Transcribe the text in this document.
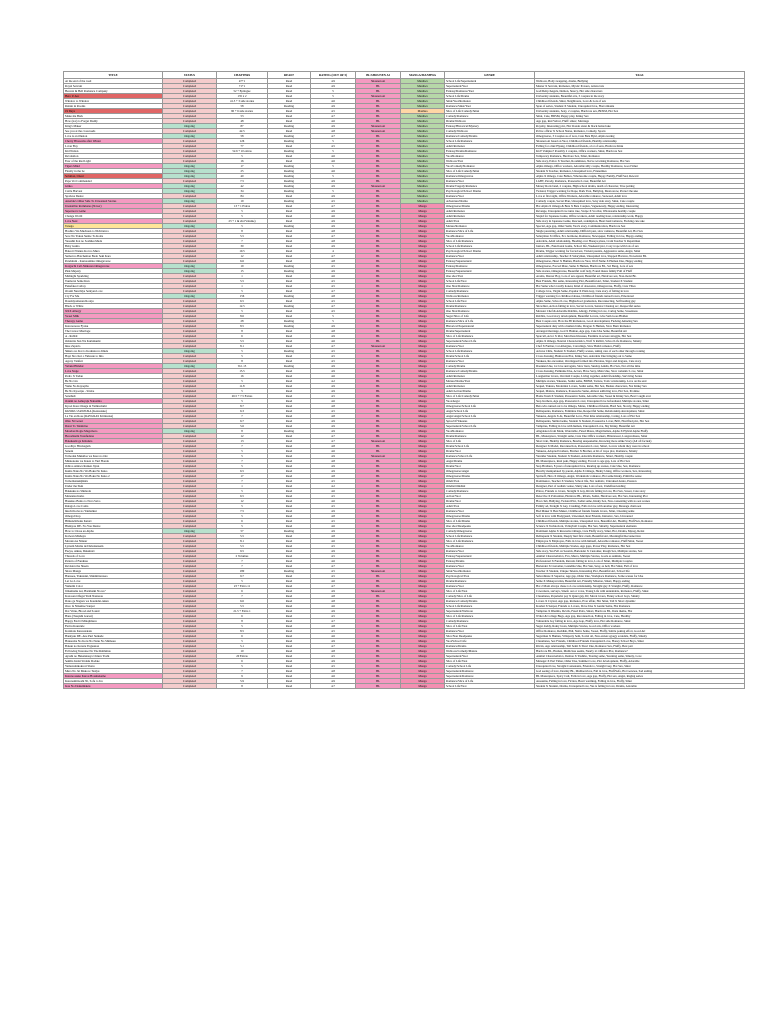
TITLE	STATUS	CHAPTERS	READ?	RATING (OUT OF 5)	BL/SHOUNEN AI	MANGA/MANHWA	GENRE	TAGS
At the end of the road	Completed	47+1	Read	4.9	Shounen Ai	Manhwa	School Life/Supernatural	Webtoon, Body swapping, drama, Bullying
Royal Servant	Completed	71+1	Read	4.9	BL	Manhwa	Supernatural/Yaoi	Master X Servant, Romance, Mystic Powers, Aristocrats
Heaven & Hell Romance Company	Completed	52 + Epilogue	Read	5	BL	Manhwa	Fantasy/Romance/Yaoi	God/Deity/Angels, Demon, Snarcy, Hot side characters
Hero U Are	Completed	135 x 2	Read	5	Shounen Ai	Manhwa	School Life/Drama	University students, Beautiful arts, 3 couples in the story
Window to Window	Completed	41.5 + 3 side stories	Read	4.6	BL	Manhwa	Smut/Yaoi/Romance	Childhood friends, Smut, Neighbours, Love & Lots of sex
Rainin in Rooms	Completed	58	Reading	4.9	BL	Manhwa	Romance/Smut/Yaoi	Span of series, Student X Student, Unrequited love, Horrormania
19 Days	Completed	90 + 6 side stories	Read	4.5	BL	Manhua	Slice of Life/Comedy/Smut	University students, Sexy, 2 couples, Hardcore sex, BDSM, Hot Sex
Make me Bark	Completed	53	Read	4.7	BL	Manhwa	Comedy/Romance	Smut, Cute, BDSM, Puppy play, Kinky Sex
How (not) to Forget Daddy	Completed	48	Read	4.6	BL	Manhwa	Drama/Webtoon	Age gap, Red Velvet, Fluff/ smut/, Marriage
King's Maker	Ongoing	87	Reading	4.9	Shounen Ai	Manhwa	Fantasy/Historical/Mystery	Royalty, Interesting plot, Hot blonde sister & black haired uke
See you at the crossroads	Completed	42.5	Read	4.8	Shounen Ai	Manhwa	Comedy/Webtoon	Police officer X School Nurse, Romance, Comedy, Sports
Love is an illusion	Ongoing	58	Reading	4.7	BL	Manhwa	Romance/Comedy/Drama	Omegaverse, 3 Couples as of now, Cute Beta Byul, Alpha tearing
Cherry Blossoms after Winter	Completed	126	Reading	5	BL	Manhwa	School Life/Romance	Shounen Ai based on Yaoi, Childhood friends, Healthy relationship
Lover Boy	Completed	77	Read	4.5	BL	Manhwa	Adult/Romance	Falling for older Hyung, Childhood friends, a lot of sexs, Hardcore Kink
Kid Nation	Completed	52.6 + 10 extras	Reading	5	BL	Manhwa	Fantasy/Drama/Romance	Kid? Vampire? Possibly 2 couples, Office workers, Smut, Hardcore Sex
Revolution	Completed	5	Read	4.6	BL	Manhwa	Yaoi/Romance	Temporary Romance, Hardcore Sex, Smut, Romance
Fear of the Red Light	Completed	16	Read	4.6	BL	Manhwa	Webtoon/Yaoi	Side story, Police X Teacher, Roommates, Nerve wracking Romance, Hot Sex
Tigers Mind	Ongoing	17	Reading	5	BL	Manhwa	Yaoi/Comedy/Romance	Alpha Omega, Office workers, Adorable silly couple, Healthy Romance, Good Smut
Finally in the be	Ongoing	25	Reading	4.6	BL	Manhwa	Slice of Life/Comedy/Smut	Student X Teacher, Romance, Unrequited love, Frienemies
Solution, Cheat	Ongoing	40	Reading	5	BL	Manhwa	Romance/Omegaverse	Alpha X Omega, Cute Babies, Wholesome couple, Happy Family, Fluff/Sad, Reward
Papa Vet Commanded	Completed	7.5	Reading	4.9	BL	Manhwa	Romance/Yaoi	LGBT, Parody, Romance, Possessive Lover, Beautiful Art
Ginko	Ongoing	42	Reading	4.9	Shounen Ai	Manhwa	Drama/Tragedy/Romance	Money Rock band, 2 couples, High school drama, death of character, True pairing
Cattle Harvest	Ongoing	34	Reading	5	BL	Manhwa	Psychological/School Drama	Twisted, Trigger warning for Rape, Dark Yaoi, Bullying, Mean snow, Protect the uke
Spotless Desire	Completed	84	Read	4.9	BL	Manhwa	Romance/Yaoi	Love at first sight, Office Workers, Adorable romance, Seaweed, Adult love
Asterisk's Other Side To Unwanted Stories	Ongoing	19	Reading	4.5	BL	Manhwa	Adventure/Drama	Comedy couple, Secret Plan, Unrequited love, Sexy side story, Smut, Cute couple
Irresistible Rommates (Naver)	Completed	13 + 1 Extras	Read	4.7	BL	Manga	Omegaverse/Drama	Hot Alpha X Omega & Beta X Beta Couples, Vaguenessly, Happy ending, Interesting
Supernova Game	Completed	5	Read	4.9	BL	Manga	Adult/Romance	Revenge, Unrequited love turns true, Swipe X Scorbat, Wholesome healthy couple
Change World	Completed	5	Read	4.6	BL	Manga	Adult/Romance	Stupid for Japanese Game, Office workers, Adult reading hour, relationship work, Happy
Love Nest	Completed	23 + 1 & 2nd Volume)	Read	4.9	BL	Manga	Adult/Yaoi	Side story in Japanese Game, Rescued, redemption, Heart heal/romance, Fucking cute uke
Tanaga	Ongoing	5	Reading	4.9	BL	Manga	Mature/Romance	Special, Age gap, Older Semi, Yaoi's story, Communication, Hardcore Sex
Hoshiro Wa Muchuan to Nichiraiwa	Completed	8	Read	4.8	BL	Manga	Romance/Slice of Life	Single parenting, Adult relationship, Difficult past, slow romance, Beautiful Art, Hot Sex
Sore No Yokan Sunbe To Koiru	Completed	5.5	Read	4.7	BL	Manga	Yaoi/Romance	Salaryman X Office, Eco hormone, Romance, Newspaper, Falling in love, Happy ending
Yasashii Koi no Soshiku Mada	Completed	7	Read	4.8	BL	Manga	Slice of Life/Romance	Adorable, Adult relationship, Heading over Honeys plans, Cram Teacher X Repairman
Baby Guma	Completed	30	Read	4.9	BL	Manga	School Life/Romance	Juniors, BL, Functional Game, School life, Weekend plot, Cozy trope with lots of sex
Boku O Wanna Koi no Mura	Completed	10.5	Read	4	BL	Manga	Psychological/School Drama	Drama, Trigger warning for forced sex, Violent parents, Aggressive seme, Angst, Smut
Sumai no Hatchemon Bedo Seki Kara	Completed	12	Read	4.7	BL	Manga	Romance/Yaoi	Adult relationship, Teacher X Salaryman, Unrequited love, Slapped Horizon, Non-moist BL
Pendulum - Kurusoshika Omegaverse	Completed	6.6	Read	4.8	BL	Manga	Fantasy/Supernatural	Omegaverse, Heart X Human, Hardcore Yaoi, Wolf Name X Human Uke, Happy ending
Koiguchi Cell-Shikaren Omegaverse	Ongoing	19	Reading	4.5	BL	Manga	Fantasy/Romance	Omegaverse, Forced Mate, Seme X Human, Hardcore BL, Sol Bang, Lots of sex
Pink Majesty	Ongoing	15	Reading	4.9	BL	Manga	Fantasy/Supernatural	Side stories, Omegaverse, Beautiful wolf lady, Found mates family Full of Fluff
Midnight Sparkling	Completed	1	Read	4.6	BL	Manga	One shot/Yaoi	Aroma, Dancer Boy, Lots of sex appeal, Beautiful art, Hardcore sex, Non-moist BL
Tsumotai Seme Kun	Completed	5.5	Read	4.5	BL	Manga	School Life/Yaoi	Best Friends, Hot seme, Interesting Plot, Beautiful Art, Smut, Student X Student
Fukufaku Catboy	Completed	1	Read	4.5	BL	Manga	One Shot/Romance	Hot Seme who's totally honest, Kind of obsession, Omegaverse, Fluffy, Cute Vibes
Otoshi Nanchiya Seniyan Love	Completed	5	Read	4.7	BL	Manga	Comedy/Romance	College love, Virgin Seme, Popular X Plain Guy, Cute story of falling in love
Cry For Me	Ongoing	156	Reading	4.8	BL	Manga	Webtoon/Romance	Trigger warning for childhood abuse, Childhood friends turned lovers, Emotional
Doushiyomenan Rooiju	Completed	6.5	Read	4.5	BL	Manga	School Life/Yaoi	Alpha Seme, School Love, Highschool graduation, Reconnecting, Self healing guy
Black or White	Completed	12.5	Reading	4.7	BL	Manga	Drama/Romance	Showbizz, Action falling in love, Secret Lovers, Senator Chasing arc, Respectful series
XXX Allergy	Completed	5	Read	4.5	BL	Manga	One Shot/Romance	Monster Chef & Adorable Rabbits, Allergy, Falling in love, Caring Seme, Sweetness
Sweet Milk	Completed	8.6	Read	5	BL	Manga	Sugar/Slice of Life	Rabbits, Good story development, Beautiful Lovers, Give Sam Goes Hidden
Therapy Game	Completed	28	Reading	5	BL	Manga	Romance/Slice of Life	Best Couple ever, How the Bl Romances, Good development, Fucking Amazing Sex
Kurononosu Fyoku	Completed	8.5	Reading	4.9	BL	Manga	Historical/Supernatural	Supernatural duty with a human bride, Dragon X Human, Slow Burn Romance
The Cursor Marriage	Completed	8	Read	4.8	BL	Manga	Drama/Supernatural	Arranged marriage, God X Human, Age gap, Cute Uke Seme, Beautiful Art
A - Rabbit	Completed	6	Read	4.9	BL	Manga	Slice of Life/Romance	Sparcell, Actor X Idol, Merciless Imouses, Etermite in severe struggle, Hot Sex
Oshiarita Sun Wa Kurisikumi	Completed	5.5	Read	4.6	BL	Manga	Supernatural/School Life	Alpha X Omega, Neutral Characteristics, Wolf X Rabbit, School Life Romance, Smutty
Ikue Zepiolo	Completed	8.1	Read	4.7	Shounen Ai	Manga	Romance/Yaoi	Chef X Farmer, Cat Allergies, Cravelings, Slow Build romance, Fluffy
Shkuto no Koi to Kouhaiu no Imizu	Ongoing	5	Reading	4.5	BL	Manga	School Life/Romance	Actress Chile, Student X Student, Fluffy scenes, taking care of each other through cooking
Hopi Siro Koi o Yuhoute to Imo	Completed	5	Read	4.5	BL	Manga	Drama/School Life	Cross dressing, Humorous Plot, Kinky Sex, Adorable Uke bringing out to Seme
Agony Vanfuri	Completed	8	Read	4.5	BL	Manga	Romance/Yaoi	Yankees, Re encounter, Overlapped formed into Heroine, Siger and dragons, Cute story
Yebuki Himdur	Ongoing	Vol. 15	Reading	4.9	BL	Manga	Comedy/Drama	Daadeun Uke, 1st love and again, Slow burn, Sunday Adults, Hot Sex, Not all the time
Love Stage	Completed	15.5	Read	4.9	BL	Manga	Romance/Comedy/Drama	Cross dressing, Feminine Uke, Actors, Have Sexy, Main Uke, Slow romantic Love, Smut
Pedro X Tadan	Completed	16	Read	4.6	BL	Manga	Adult/Romance	Longtermer lovers, Overlaid Couple, Living together, Adult friendship, Surviving Series
Be No Lin	Completed	5	Read	4.2	BL	Manga	Mature/Drama/Yaoi	Multiple stories, Yakuzas, Sadist seme, BDSM, Torture, Toxic relationship, Love on the end
Yume No Kayaqiba	Completed	11.8	Read	4.9	BL	Manga	Adult/Romance	Sequel, Yakuza, Modernist Lovers, Sadist seme, Hot Sex, Badass characters, Not Kinky Sex
Be No Kyooipu - Strabe	Completed	5	Read	4.9	BL	Manga	Adult/Action/Drama	Sequel, Mature, Romance, Possessive Seme, Almost addicting love, Hot Sex, Promise
Sanzhuli	Completed	26.5 + 7.5 Extras	Read	4.5	BL	Manga	Slice of Life/Comedy/Smut	Home Team X Student, Possessive Seme, Adorable Uke, Sweet & Kinky Sex, Best I ought ever
Ookiki no Ashuyaju Nainaima	Completed	5	Read	4.6	BL	Manga	Yaoi/Angst	Step brothers, Age gap, Possessive Lover, Unrequited love beforehand, Multiple stories, Smut
Kyoei Kare Otsuga ni Yaminohuhi	Completed	8.7	Read	4.8	BL	Manga	Omegaverse/School Life	Beta who turned out to be Omega, Mates, Childhood friends, Hard Sex, Slowly, Happy ending
KIZOKU ZANZURA (Kensutake)	Completed	6.3	Read	4.5	BL	Manga	Angst/School Life	Delinquents, Romance, Feminine Uke, Respectful Seme, Relationship development, Smut
La Vie en Rose (RAYGRAS Kirinnoka)	Completed	7	Read	4.8	BL	Manga	Angst/Angst/School Life	Yakuzas, Angels X Ai, Beautiful Love, First time relationship, Caring, Lots of Hot Sex
Ohio Ni Gonei	Completed	6.7	Read	4.9	BL	Manga	Spice/Of Yakuzas	Delinquents, Skilled seme, Student X Student, Possessive Lover, Brill, Horrified plot, Hot Sex
Durai To Tainhrina	Completed	5.6	Read	4.9	BL	Manga	Supernatural/School Life	Vampires, Falling in love with human, Unrequited Love, Shy Kinky, Beautiful Art
Moudasi Rogie Magomaro	Ongoing	8	Reading	4.9	BL	Manga	Yaoi/Romance	Alngdokon from Mark, Watertable, Fated Mates, Magicbullets, Alpha X Hybrid Alpha Fluffy
Heaorikumi Teanfudana	Completed	12	Read	4.7	BL	Manga	Drama/Romance	BL, Masterpiece, Straight seme, Cute Uke Office workers, Bittersweet, Longevedness, Smut
Bokukami ga Kittaiuta	Completed	13	Read	4.7	Shounen Ai	Manga	Slice of Life	Short trait, Healthy Romance, Bearing unspeakable, Knowing more Alike Story (All oft factual)
Goodbye Hirohagum	Completed	7	Read	4.8	BL	Manga	Drama/School Life	Designer X Model, Reconnection, Possessive Lover, Smart, Lovers whom they were in school
Saneni	Completed	5	Read	4.6	BL	Manga	Drama/Yaoi	Yakuzas, Adopted brothers, Brother X Brother, A bit of trope plot, Romance, Smutty
Tomodan Mukidoa wa Kare no Ore	Completed	5	Read	4.9	Shounen Ai	Manga	Romance/School Life	Yanrider Student, Student X Student, Adorable Romance, Smart, Healthy couple
Minkokoku wa Katen to Yuri Honda	Completed	7	Read	4.8	BL	Manga	Angst/Drama	BL Masterpiece, Real pain, Happy ending, Forced to age gap, Lots of Hot Sex
Odiroa Ainiwa Ranien Jiyun	Completed	5	Read	4.9	BL	Manga	Drama/Yaoi	Step Brothers, 8 years of unrequited love, Rearing up scenes, Cute Uke, Sex, Romance
Kuma Naka No Wa Boku No Kako	Completed	6.5	Read	4.9	BL	Manga	Omegaverse/Angst	Heavily manipulated by parent, Alpha X Omega, Healty Using, Office workers, Sex, Interesting
Kuma Naka No Wa Boku No Kako 2	Completed	17	Read	4.8	BL	Manga	Omegaverse/Drama	Sprinoff, Hero X Omega, Angst, Workaholic romance, Hot same Kinky, Primitive sense
Tomomatsukijikiru	Completed	7	Read	4.5	BL	Manga	Omdi/Yaoi	Dominance, Teacher X Student, School life, Not realistic, Untrained desire, Passion
Under the Skin	Completed	1	Read	4.2	BL	Manga	Omdist/Omdisit	Designer, Part of realistic sense, Slutty uke, Lots of sex, Undefined ending
Bokkaku no Shimoda	Completed	5	Read	4.6	BL	Manga	Comedy/Romance	Prince, Friends to lovers, Straight X Gay, Rivals falling in love, Hot Sex, Sweet, Cute story
Manzaisu Inaho	Completed	6.5	Read	4.5	BL	Manga	Action/Yaoi	Detective X Policeman, Hardcore BL, Rivals, Sadist, Hardcore sex, Hot Sex, Interesting Plot
Hasukuo Baino to Nora Suvo	Completed	12	Read	4.6	BL	Manga	Drama/Yaoi	Host club, Bullying, Twisted Plot, Sadist seme, Kinky Sex, Non-consenting with no sex scenes
Rutaga Love Coma	Completed	5	Read	4.5	BL	Manga	Adult/Yaoi	Family ad, Straight X Gay, Crushing, Falls in love with another guy, Message chain sex
Ikuchi Kobe no Yaimalkur	Completed	7.5	Read	4.9	BL	Manga	Romance/Yaoi	Bad Maker X Best Maker, Childhood friends friends lovers, Smut, Cheating seme
Omega Drop	Completed	5	Read	4.8	BL	Manga	Omegaverse/Drama	Soft in love with Bodyguard, Unwanted, Rest Friends, Intrusive, Sex, Unwanted
Himunchiboku Kaiuri	Completed	6	Read	4.5	BL	Manga	Slice of Life/Drama	Childhood friends, Multiple stories, Unrequited love, Beautiful Art, Healthy, Fluff/Sex, Romance
Hieikyou DE- No You Desire	Completed	5	Read	4.6	BL	Manga	One shot/Deadpeaks	Science X Technoborn, Volleyball Couple, Hot Sex, Smartly, Supernatural elements
How to Chose an Alpha	Ongoing	57	Reading	4.9	BL	Manga	Comedy/Omegaverse	Dominant Alpha X Recessive Omega, Cute Fluffy story, Smut, Hot, Drama, Mpreg, Relax
Koiwan Mishayu	Completed	5.5	Read	4.8	BL	Manga	School Life/Romance	Delinquent X Student, Deeply hurt first crush, Beautiful Art, Meaningful Reconnection
Moruna ka Ninnar	Completed	8.1	Read	4.6	BL	Manga	Slice of Life/Romance	Employee X Employee, Falls in love with himself, Adorable romance, Fluff/Smut, Sweet
Lyrnam Momu de Dubokunsein	Completed	5.5	Read	4.5	BL	Manga	Yaoi/Romance	Childhood friends, Multiple Stories, Age gaps, Power Play, Romance, Hot Sex
Fueyu, Aikuu, Dakuiruri	Completed	9.5	Read	4.9	BL	Manga	Romance/Yaoi	Side story, Yes Fell on Seasick, Bartender X Customer, Rough Sex, Multiple stories, Sex
Threads of Love	Completed	2 Volumes	Read	4.5	BL	Manga	Fantasy/Supernatural	Animal Characteristics, Fox, Merra, Multiple Stories, Goals as animals, Sweet
Pattern of Fandnau	Completed	7	Read	4.6	BL	Manga	Fantasy/Drama	Professional X Fandom, Reveals falling in love, Lots of Smut, Multiple Couples
Revision the Sheets	Completed	7	Read	4.7	BL	Manga	Romance/Yaoi	Bartender X Customer, Grandma Uke, Hot Sun, Sexy, as hell, Hot Smut, Full of love
Shota Manga	Completed	180	Reading	4.5	Shounen Ai	Manga	Smut/Yaoi/Romance	Teacher X Student, Unique Talents, Interesting Plot, Beautiful Art, School life
Hanasee, Yakuzuki, Shinmitterusea	Completed	9.7	Read	4.5	BL	Manga	Psychological/Yaoi	Subordinate X Superior, Age gap, Older Uke, Workplace Romance, Some scenes for Uke
Let Go Love	Completed	5	Read	4.6	BL	Manga	Drama/Romance	Seme X Makayavarlan, Beautiful Art, Friendly Mission, Smart, Happy ending
Yumemi Color	Completed	23 + Extra 11	Read	4.7	BL	Manga	Romance/Yaoi	Hot 2 Mom always chase to Love relationship, Straight guy X Straight, Fluffy, Romance
Jimamamu nai, Harimaiki Na no?	Completed	6	Read	4.9	Shounen Ai	Manga	Slice of Life/Yaoi	Coworkers, surveys, Sinefo out or vows, Young Life with undeniable, Romance, Fluffy, Smut
Konosan Ofugai Yurii Nannaou	Completed	7	Read	4.8	BL	Manga	Comedy/Slice of Life	Classmates, Popularist pay X Quiet guy, DJ, Moral lovers, Funny school boys, Smutty
Doko ga Nagaru wa Kounidai-tekun	Completed	6.6	Read	4.8	BL	Manga	Romance/Comedy/Drama	Lovers X Crystal, Age gap, Romance, Ever affair, Hot Smut, Tall X Short dynamic
Oreo Ia Ninamae Sanpai	Completed	5.5	Read	4.6	BL	Manga	School Life/Romance	Kouhai X Senpai, Friends to Lovers, Dove Uke X Gentle Seme, Hot Romance
Dot Virnu, Blood and Sound	Completed	21.5 + Extra 1	Read	4.9	BL	Manga	Supernatural/Webtoon	Vampires X Dhamla, Devils, Fated Pairs, Smart, Hardcore BL, Dark theme, Hot
Hana (Tsuqishi Garsai)	Completed	6	Read	4.5	BL	Manga	Slice of Life/Romance	Writer & College Bugs, Age gap, Reconnection, Falling in love, Cute, Healthy
Happy End O Minajimuru	Completed	8	Read	4.7	BL	Manga	Comedy/Romance	Vulnerable boy falling in love, Age Gap, Fluffy love, Hot side Romance, Smut
Furiru Kaunrule	Completed	5	Read	4.8	BL	Manga	Slice of Life/Yaoi	Sugar daddy, Rainy boats, Multiple Stories, Good arts, Office workers
Koishoiu Kanouzaiatu	Completed	8.5	Read	4.5	BL	Manga	Romance/Yaoi	Office Romance, Reddish, Phil, Naïve Seme, Sweet, Fluffy, Subtle poking effort, Good Art
Hankyuu DE- Ane Puri Suikade	Completed	6	Read	4.6	BL	Manga	Slice/Non Deadpeaks	Sugarman X Human, Villaparty Seth, Social oil, Non-stolen sypegy scandals, Fluffy, Smutty
Hokuosha No Kotu No Nanu No Shimaeu	Completed	5	Read	4.9	BL	Manga	Yaoi/School Life	Classmates, Sex Friends, Childhood Friends Unrequited Love, Honey School Boys, Smut
Bokun no Konate Yoguunon	Completed	5.1	Read	4.7	BL	Manga	Romance/Drama	Rivals, Age relationship, Tall Semi X Short Uke, Romance Sex, Fluffy, Best part
Following Teanoise No The Rubhmus	Completed	10	Read	4.8	BL	Manga	Webtoon/Comedy/Mature	Hardcore BL, Harden, Multiclass seems, Nearly x1 Offence Plot, Romance?
Ayashi no Hakaiutsuya Chiuru Yoshi	Completed	20 Extras	Read	4.5	BL	Manga	Supernatural/Yaoi	Animal Characteristics, Demon X Yashibo, Yearing seme, Yearning seme, Smutty, Love
Sekilia Isnlai Sirdaiu Dodaie	Completed	6	Read	4.9	BL	Manga	Slice of Life/Yaoi	Manager X Part Timer, Older Uke, Summer Love, Plot development, Fluffy, Adorable
Yamatoshikoku ni Sharu	Completed	5	Read	4.5	BL	Manga	Comedy/School Life	Unrequited love, Straight Contestants, Friends to, Straight Guy, Hot Sex, Smut
Mura No Jai Mukoce Tsuiyu	Completed	7	Read	4.8	BL	Manga	Supernatural/Romance	God seeing of love, Destiny BL, Multiservices, Fall in love, Fluff/Sefa, Hot Gen/sea, Sad ending
Kurenoosuke Kurou Houshekame	Completed	9	Read	4.6	BL	Manga	Supernatural/Romance	BL Masterpiece, Spicy Cult, Falls in love, Age gap, Fluffy, Hot sex, Angst, Raging series
Kurenaiminoshi Ni, Sofu to Iru	Completed	5.9	Read	4.9	BL	Manga	Romance/Slice of Life	Assassins, Falling in love, Fiction, Heart warming, Falling in love, Fluffy, Smut
Isou No Dokuimaktu	Completed	8	Read	4.7	BL	Manga	School Life/Yaoi	Student X Student, Drama, Unrequited love, Yes is falling in love, Drama, Adorable
